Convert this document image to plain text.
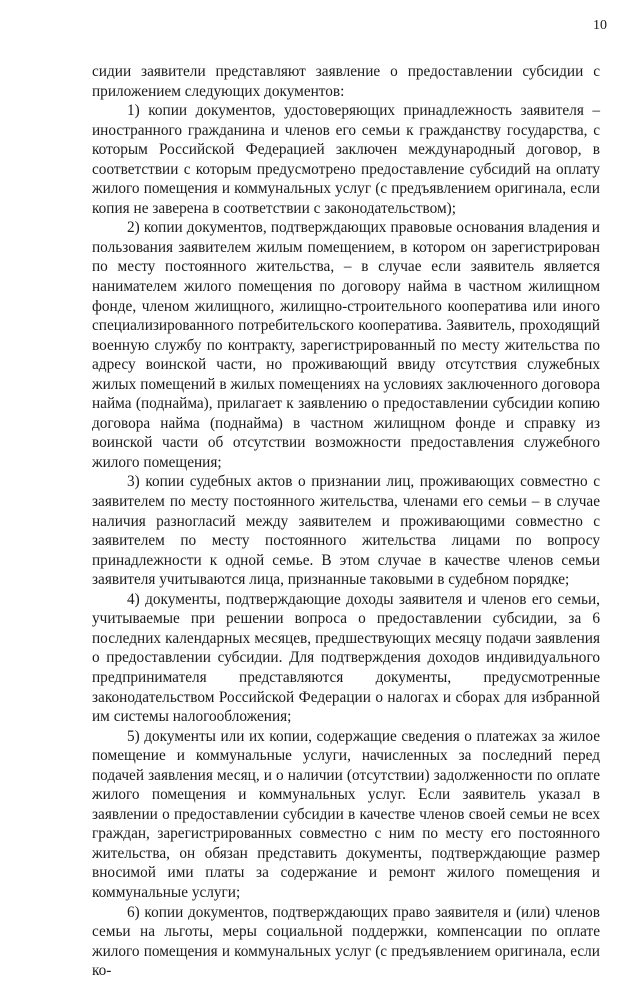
10

сидии заявители представляют заявление о предоставлении субсидии с приложением следующих документов:

1) копии документов, удостоверяющих принадлежность заявителя – иностранного гражданина и членов его семьи к гражданству государства, с которым Российской Федерацией заключен международный договор, в соответствии с которым предусмотрено предоставление субсидий на оплату жилого помещения и коммунальных услуг (с предъявлением оригинала, если копия не заверена в соответствии с законодательством);

2) копии документов, подтверждающих правовые основания владения и пользования заявителем жилым помещением, в котором он зарегистрирован по месту постоянного жительства, – в случае если заявитель является нанимателем жилого помещения по договору найма в частном жилищном фонде, членом жилищного, жилищно-строительного кооператива или иного специализированного потребительского кооператива. Заявитель, проходящий военную службу по контракту, зарегистрированный по месту жительства по адресу воинской части, но проживающий ввиду отсутствия служебных жилых помещений в жилых помещениях на условиях заключенного договора найма (поднайма), прилагает к заявлению о предоставлении субсидии копию договора найма (поднайма) в частном жилищном фонде и справку из воинской части об отсутствии возможности предоставления служебного жилого помещения;

3) копии судебных актов о признании лиц, проживающих совместно с заявителем по месту постоянного жительства, членами его семьи – в случае наличия разногласий между заявителем и проживающими совместно с заявителем по месту постоянного жительства лицами по вопросу принадлежности к одной семье. В этом случае в качестве членов семьи заявителя учитываются лица, признанные таковыми в судебном порядке;

4) документы, подтверждающие доходы заявителя и членов его семьи, учитываемые при решении вопроса о предоставлении субсидии, за 6 последних календарных месяцев, предшествующих месяцу подачи заявления о предоставлении субсидии. Для подтверждения доходов индивидуального предпринимателя представляются документы, предусмотренные законодательством Российской Федерации о налогах и сборах для избранной им системы налогообложения;

5) документы или их копии, содержащие сведения о платежах за жилое помещение и коммунальные услуги, начисленных за последний перед подачей заявления месяц, и о наличии (отсутствии) задолженности по оплате жилого помещения и коммунальных услуг. Если заявитель указал в заявлении о предоставлении субсидии в качестве членов своей семьи не всех граждан, зарегистрированных совместно с ним по месту его постоянного жительства, он обязан представить документы, подтверждающие размер вносимой ими платы за содержание и ремонт жилого помещения и коммунальные услуги;

6) копии документов, подтверждающих право заявителя и (или) членов семьи на льготы, меры социальной поддержки, компенсации по оплате жилого помещения и коммунальных услуг (с предъявлением оригинала, если ко-
